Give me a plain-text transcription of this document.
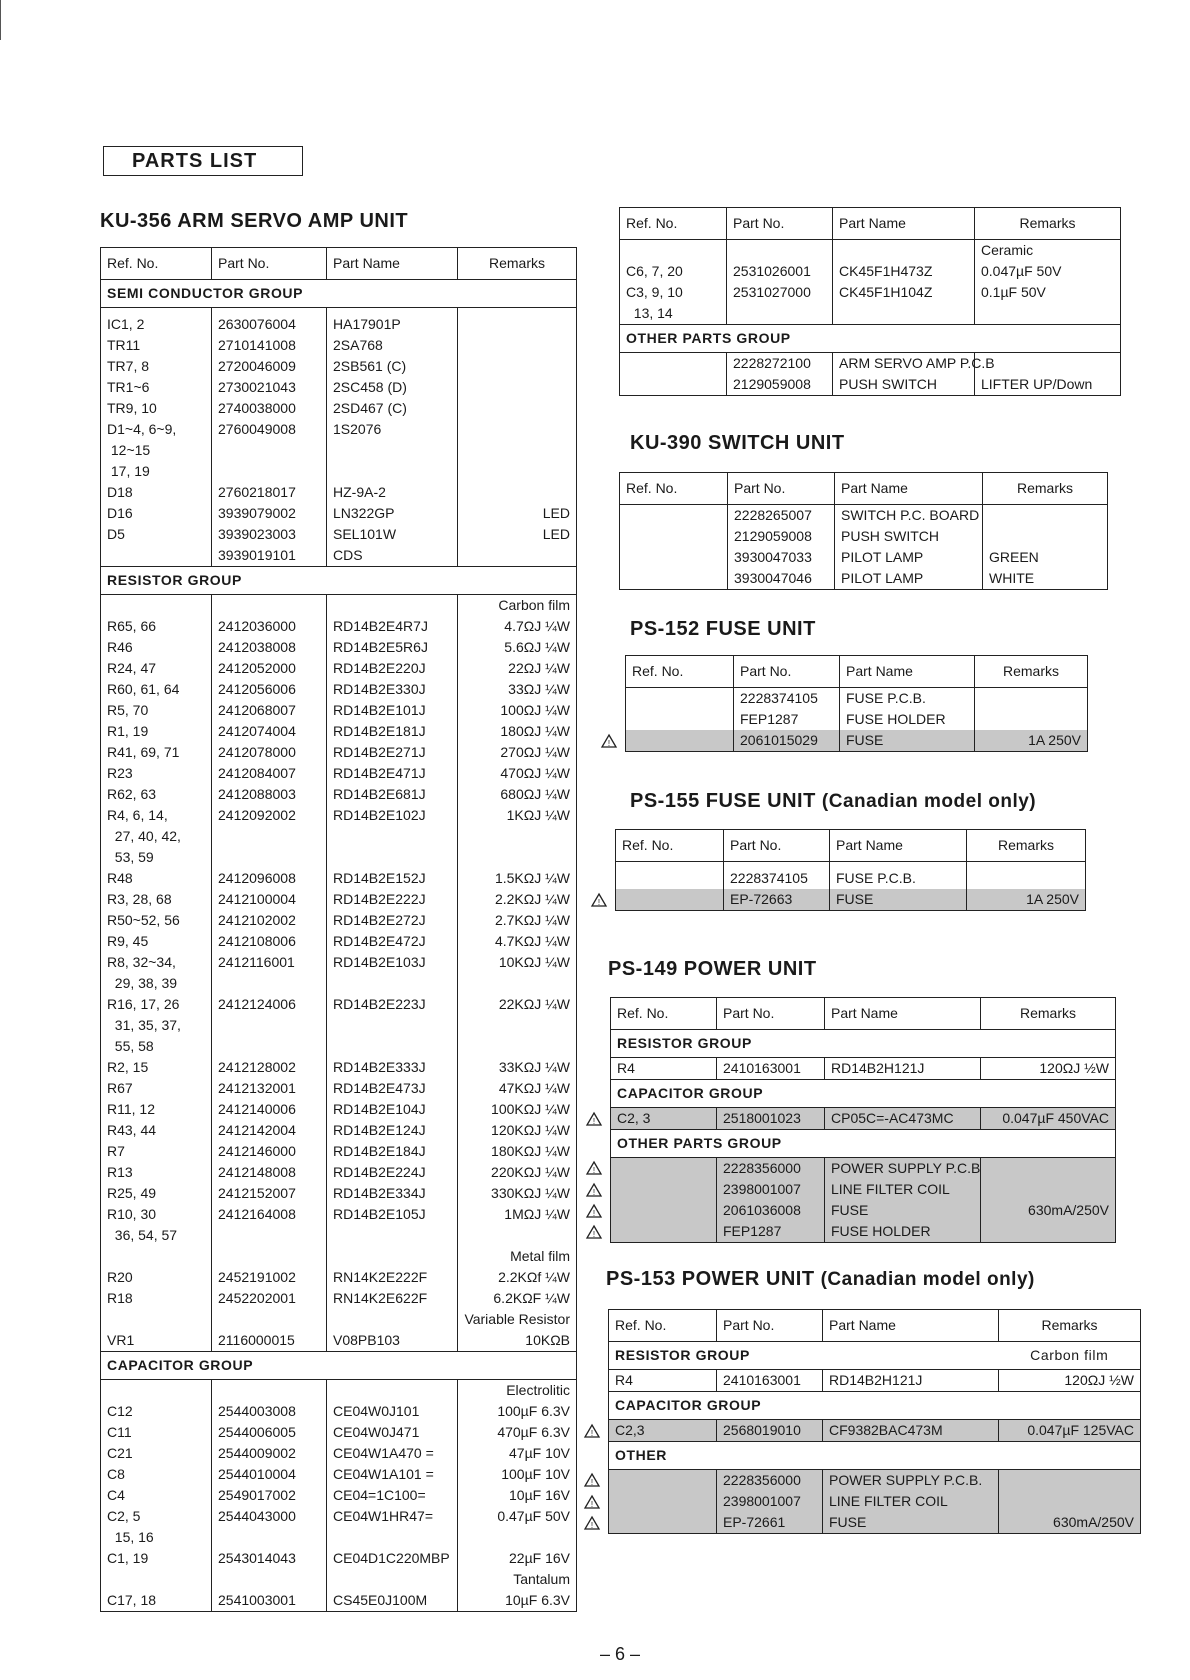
PARTS LIST
KU-356 ARM SERVO AMP UNIT
Ref. No.	Part No.	Part Name	Remarks
SEMI CONDUCTOR GROUP			

IC1, 2	2630076004	HA17901P	
TR11	2710141008	2SA768	
TR7, 8	2720046009	2SB561 (C)	
TR1~6	2730021043	2SC458 (D)	
TR9, 10	2740038000	2SD467 (C)	
D1~4, 6~9,	2760049008	1S2076	
12~15			
17, 19			
D18	2760218017	HZ-9A-2	
D16	3939079002	LN322GP	LED
D5	3939023003	SEL101W	LED
	3939019101	CDS	
RESISTOR GROUP			
			Carbon film
R65, 66	2412036000	RD14B2E4R7J	4.7ΩJ ¼W
R46	2412038008	RD14B2E5R6J	5.6ΩJ ¼W
R24, 47	2412052000	RD14B2E220J	22ΩJ ¼W
R60, 61, 64	2412056006	RD14B2E330J	33ΩJ ¼W
R5, 70	2412068007	RD14B2E101J	100ΩJ ¼W
R1, 19	2412074004	RD14B2E181J	180ΩJ ¼W
R41, 69, 71	2412078000	RD14B2E271J	270ΩJ ¼W
R23	2412084007	RD14B2E471J	470ΩJ ¼W
R62, 63	2412088003	RD14B2E681J	680ΩJ ¼W
R4, 6, 14,	2412092002	RD14B2E102J	1KΩJ ¼W
27, 40, 42,			
53, 59			
R48	2412096008	RD14B2E152J	1.5KΩJ ¼W
R3, 28, 68	2412100004	RD14B2E222J	2.2KΩJ ¼W
R50~52, 56	2412102002	RD14B2E272J	2.7KΩJ ¼W
R9, 45	2412108006	RD14B2E472J	4.7KΩJ ¼W
R8, 32~34,	2412116001	RD14B2E103J	10KΩJ ¼W
29, 38, 39			
R16, 17, 26	2412124006	RD14B2E223J	22KΩJ ¼W
31, 35, 37,			
55, 58			
R2, 15	2412128002	RD14B2E333J	33KΩJ ¼W
R67	2412132001	RD14B2E473J	47KΩJ ¼W
R11, 12	2412140006	RD14B2E104J	100KΩJ ¼W
R43, 44	2412142004	RD14B2E124J	120KΩJ ¼W
R7	2412146000	RD14B2E184J	180KΩJ ¼W
R13	2412148008	RD14B2E224J	220KΩJ ¼W
R25, 49	2412152007	RD14B2E334J	330KΩJ ¼W
R10, 30	2412164008	RD14B2E105J	1MΩJ ¼W
36, 54, 57			
			Metal film
R20	2452191002	RN14K2E222F	2.2KΩf ¼W
R18	2452202001	RN14K2E622F	6.2KΩF ¼W
			Variable Resistor
VR1	2116000015	V08PB103	10KΩB
CAPACITOR GROUP			
			Electrolitic
C12	2544003008	CE04W0J101	100µF 6.3V
C11	2544006005	CE04W0J471	470µF 6.3V
C21	2544009002	CE04W1A470 =	47µF 10V
C8	2544010004	CE04W1A101 =	100µF 10V
C4	2549017002	CE04=1C100=	10µF 16V
C2, 5	2544043000	CE04W1HR47=	0.47µF 50V
15, 16			
C1, 19	2543014043	CE04D1C220MBP	22µF 16V
			Tantalum
C17, 18	2541003001	CS45E0J100M	10µF 6.3V
Ref. No.	Part No.	Part Name	Remarks
			Ceramic
C6, 7, 20	2531026001	CK45F1H473Z	0.047µF 50V
C3, 9, 10	2531027000	CK45F1H104Z	0.1µF 50V
13, 14			
OTHER PARTS GROUP			
	2228272100	ARM SERVO AMP P.C.B	
	2129059008	PUSH SWITCH	LIFTER UP/Down
KU-390 SWITCH UNIT
Ref. No.	Part No.	Part Name	Remarks
	2228265007	SWITCH P.C. BOARD	
	2129059008	PUSH SWITCH	
	3930047033	PILOT LAMP	GREEN
	3930047046	PILOT LAMP	WHITE
PS-152 FUSE UNIT
Ref. No.	Part No.	Part Name	Remarks
	2228374105	FUSE P.C.B.	
	FEP1287	FUSE HOLDER	
	2061015029	FUSE	1A 250V
PS-155 FUSE UNIT (Canadian model only)
Ref. No.	Part No.	Part Name	Remarks

	2228374105	FUSE P.C.B.	
	EP-72663	FUSE	1A 250V
PS-149 POWER UNIT
Ref. No.	Part No.	Part Name	Remarks
RESISTOR GROUP			
R4	2410163001	RD14B2H121J	120ΩJ ½W
CAPACITOR GROUP			
C2, 3	2518001023	CP05C=-AC473MC	0.047µF 450VAC
OTHER PARTS GROUP			
	2228356000	POWER SUPPLY P.C.B	
	2398001007	LINE FILTER COIL	
	2061036008	FUSE	630mA/250V
	FEP1287	FUSE HOLDER	
PS-153 POWER UNIT (Canadian model only)
Ref. No.	Part No.	Part Name	Remarks
RESISTOR GROUP			Carbon film
R4	2410163001	RD14B2H121J	120ΩJ ½W
CAPACITOR GROUP			
C2,3	2568019010	CF9382BAC473M	0.047µF 125VAC
OTHER			
	2228356000	POWER SUPPLY P.C.B.	
	2398001007	LINE FILTER COIL	
	EP-72661	FUSE	630mA/250V
– 6 –
!
!
!
!
!
!
!
!
!
!
!
